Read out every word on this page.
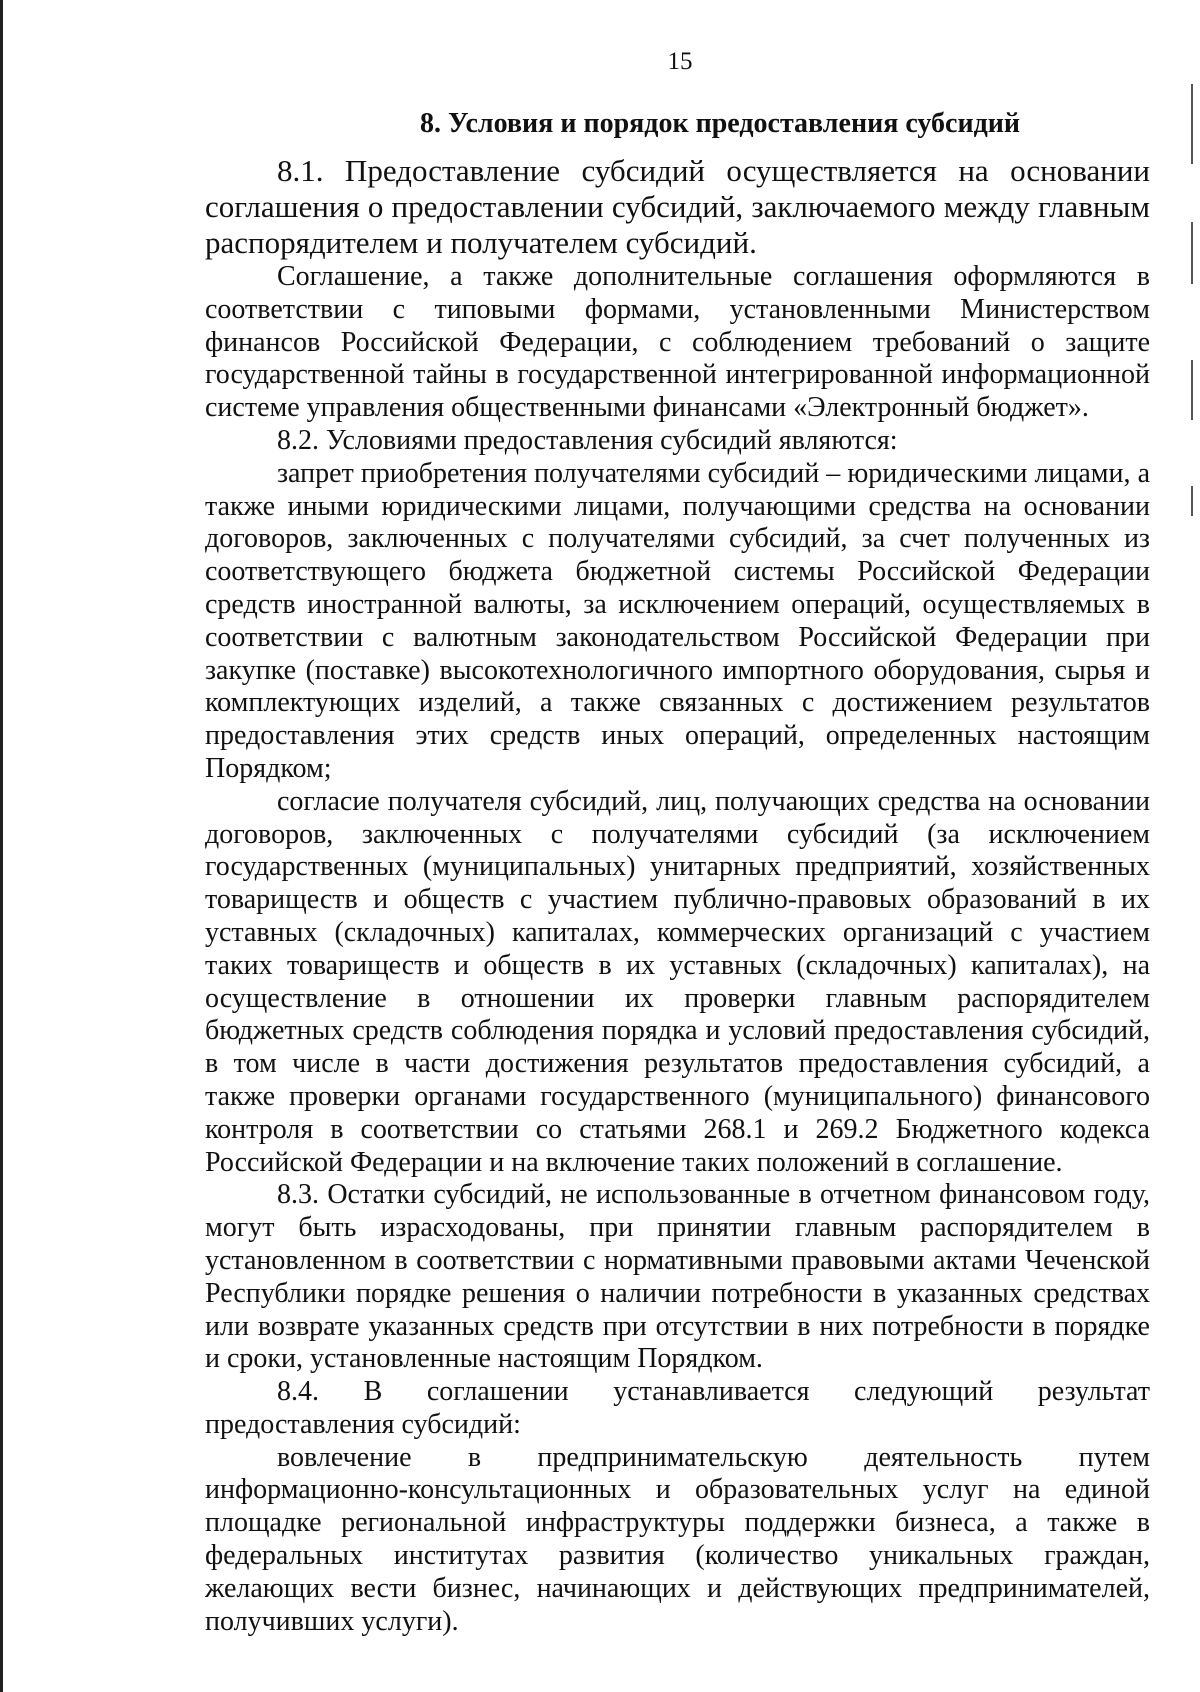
15
8. Условия и порядок предоставления субсидий

8.1. Предоставление субсидий осуществляется на основании соглашения о предоставлении субсидий, заключаемого между главным распорядителем и получателем субсидий.

Соглашение, а также дополнительные соглашения оформляются в соответствии с типовыми формами, установленными Министерством финансов Российской Федерации, с соблюдением требований о защите государственной тайны в государственной интегрированной информационной системе управления общественными финансами «Электронный бюджет».

8.2. Условиями предоставления субсидий являются:

запрет приобретения получателями субсидий – юридическими лицами, а также иными юридическими лицами, получающими средства на основании договоров, заключенных с получателями субсидий, за счет полученных из соответствующего бюджета бюджетной системы Российской Федерации средств иностранной валюты, за исключением операций, осуществляемых в соответствии с валютным законодательством Российской Федерации при закупке (поставке) высокотехнологичного импортного оборудования, сырья и комплектующих изделий, а также связанных с достижением результатов предоставления этих средств иных операций, определенных настоящим Порядком;

согласие получателя субсидий, лиц, получающих средства на основании договоров, заключенных с получателями субсидий (за исключением государственных (муниципальных) унитарных предприятий, хозяйственных товариществ и обществ с участием публично-правовых образований в их уставных (складочных) капиталах, коммерческих организаций с участием таких товариществ и обществ в их уставных (складочных) капиталах), на осуществление в отношении их проверки главным распорядителем бюджетных средств соблюдения порядка и условий предоставления субсидий, в том числе в части достижения результатов предоставления субсидий, а также проверки органами государственного (муниципального) финансового контроля в соответствии со статьями 268.1 и 269.2 Бюджетного кодекса Российской Федерации и на включение таких положений в соглашение.

8.3. Остатки субсидий, не использованные в отчетном финансовом году, могут быть израсходованы, при принятии главным распорядителем в установленном в соответствии с нормативными правовыми актами Чеченской Республики порядке решения о наличии потребности в указанных средствах или возврате указанных средств при отсутствии в них потребности в порядке и сроки, установленные настоящим Порядком.

8.4. В соглашении устанавливается следующий результат предоставления субсидий:

вовлечение в предпринимательскую деятельность путем информационно-консультационных и образовательных услуг на единой площадке региональной инфраструктуры поддержки бизнеса, а также в федеральных институтах развития (количество уникальных граждан, желающих вести бизнес, начинающих и действующих предпринимателей, получивших услуги).
